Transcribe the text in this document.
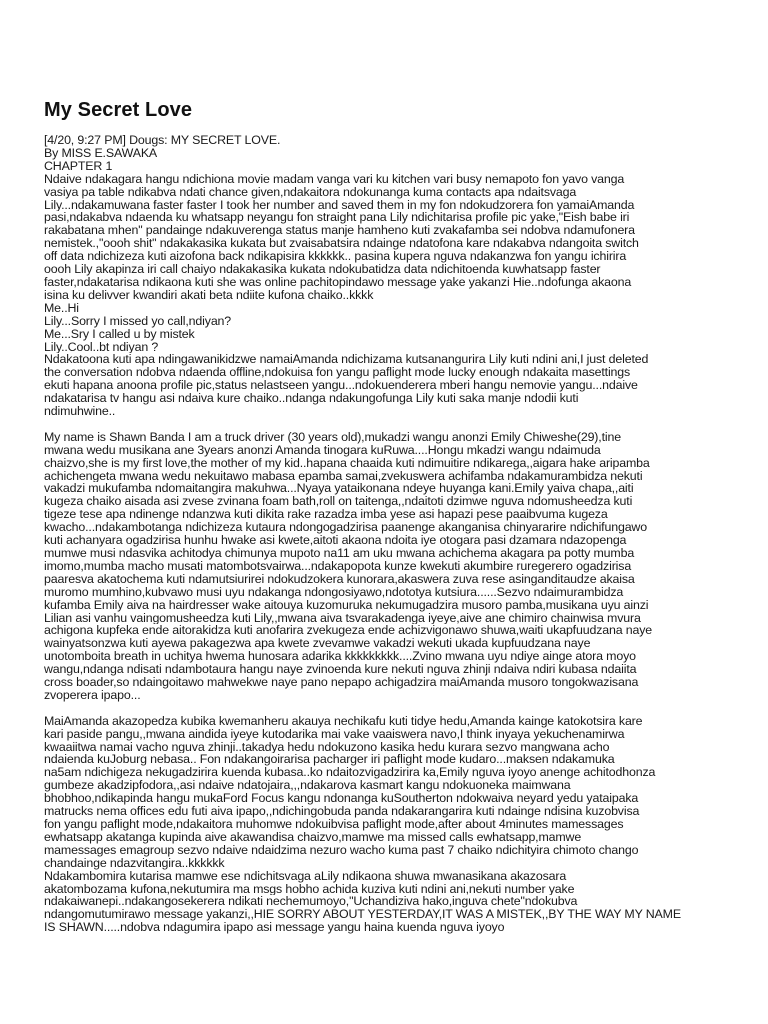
My Secret Love
[4/20, 9:27 PM] Dougs: MY SECRET LOVE.
By MISS E.SAWAKA
CHAPTER 1
Ndaive ndakagara hangu ndichiona movie madam vanga vari ku kitchen vari busy nemapoto fon yavo vanga
vasiya pa table ndikabva ndati chance given,ndakaitora ndokunanga kuma contacts apa ndaitsvaga
Lily...ndakamuwana faster faster I took her number and saved them in my fon ndokudzorera fon yamaiAmanda
pasi,ndakabva ndaenda ku whatsapp neyangu fon straight pana Lily ndichitarisa profile pic yake,"Eish babe iri
rakabatana mhen" pandainge ndakuverenga status manje hamheno kuti zvakafamba sei ndobva ndamufonera
nemistek.,"oooh shit" ndakakasika kukata but zvaisabatsira ndainge ndatofona kare ndakabva ndangoita switch
off data ndichizeza kuti aizofona back ndikapisira kkkkkk.. pasina kupera nguva ndakanzwa fon yangu ichirira
oooh Lily akapinza iri call chaiyo ndakakasika kukata ndokubatidza data ndichitoenda kuwhatsapp faster
faster,ndakatarisa ndikaona kuti she was online pachitopindawo message yake yakanzi Hie..ndofunga akaona
isina ku delivver kwandiri akati beta ndiite kufona chaiko..kkkk
Me..Hi
Lily...Sorry I missed yo call,ndiyan?
Me...Sry I called u by mistek
Lily..Cool..bt ndiyan ?
Ndakatoona kuti apa ndingawanikidzwe namaiAmanda ndichizama kutsanangurira Lily kuti ndini ani,I just deleted
the conversation ndobva ndaenda offline,ndokuisa fon yangu paflight mode lucky enough ndakaita masettings
ekuti hapana anoona profile pic,status nelastseen yangu...ndokuenderera mberi hangu nemovie yangu...ndaive
ndakatarisa tv hangu asi ndaiva kure chaiko..ndanga ndakungofunga Lily kuti saka manje ndodii kuti
ndimuhwine..
My name is Shawn Banda I am a truck driver (30 years old),mukadzi wangu anonzi Emily Chiweshe(29),tine
mwana wedu musikana ane 3years anonzi Amanda tinogara kuRuwa....Hongu mkadzi wangu ndaimuda
chaizvo,she is my first love,the mother of my kid..hapana chaaida kuti ndimuitire ndikarega,,aigara hake aripamba
achichengeta mwana wedu nekuitawo mabasa epamba samai,zvekuswera achifamba ndakamurambidza nekuti
vakadzi mukufamba ndomaitangira makuhwa...Nyaya yataikonana ndeye huyanga kani.Emily yaiva chapa,,aiti
kugeza chaiko aisada asi zvese zvinana foam bath,roll on taitenga,,ndaitoti dzimwe nguva ndomusheedza kuti
tigeze tese apa ndinenge ndanzwa kuti dikita rake razadza imba yese asi hapazi pese paaibvuma kugeza
kwacho...ndakambotanga ndichizeza kutaura ndongogadzirisa paanenge akanganisa chinyararire ndichifungawo
kuti achanyara ogadzirisa hunhu hwake asi kwete,aitoti akaona ndoita iye otogara pasi dzamara ndazopenga
mumwe musi ndasvika achitodya chimunya mupoto na11 am uku mwana achichema akagara pa potty mumba
imomo,mumba macho musati matombotsvairwa...ndakapopota kunze kwekuti akumbire ruregerero ogadzirisa
paaresva akatochema kuti ndamutsiurirei ndokudzokera kunorara,akaswera zuva rese asinganditaudze akaisa
muromo mumhino,kubvawo musi uyu ndakanga ndongosiyawo,ndototya kutsiura......Sezvo ndaimurambidza
kufamba Emily aiva na hairdresser wake aitouya kuzomuruka nekumugadzira musoro pamba,musikana uyu ainzi
Lilian asi vanhu vaingomusheedza kuti Lily,,mwana aiva tsvarakadenga iyeye,aive ane chimiro chainwisa mvura
achigona kupfeka ende aitorakidza kuti anofarira zvekugeza ende achizvigonawo shuwa,waiti ukapfuudzana naye
wainyatsonzwa kuti ayewa pakagezwa apa kwete zvevamwe vakadzi wekuti ukada kupfuudzana naye
unotomboita breath in uchitya hwema hunosara adarika kkkkkkkkk....Zvino mwana uyu ndiye ainge atora moyo
wangu,ndanga ndisati ndambotaura hangu naye zvinoenda kure nekuti nguva zhinji ndaiva ndiri kubasa ndaiita
cross boader,so ndaingoitawo mahwekwe naye pano nepapo achigadzira maiAmanda musoro tongokwazisana
zvoperera ipapo...
MaiAmanda akazopedza kubika kwemanheru akauya nechikafu kuti tidye hedu,Amanda kainge katokotsira kare
kari paside pangu,,mwana aindida iyeye kutodarika mai vake vaaiswera navo,I think inyaya yekuchenamirwa
kwaaiitwa namai vacho nguva zhinji..takadya hedu ndokuzono kasika hedu kurara sezvo mangwana acho
ndaienda kuJoburg nebasa.. Fon ndakangoirarisa pacharger iri paflight mode kudaro...maksen ndakamuka
na5am ndichigeza nekugadzirira kuenda kubasa..ko ndaitozvigadzirira ka,Emily nguva iyoyo anenge achitodhonza
gumbeze akadzipfodora,,asi ndaive ndatojaira,,,ndakarova kasmart kangu ndokuoneka maimwana
bhobhoo,ndikapinda hangu mukaFord Focus kangu ndonanga kuSoutherton ndokwaiva neyard yedu yataipaka
matrucks nema offices edu futi aiva ipapo,,ndichingobuda panda ndakarangarira kuti ndainge ndisina kuzobvisa
fon yangu paflight mode,ndakaitora muhomwe ndokuibvisa paflight mode,after about 4minutes mamessages
ewhatsapp akatanga kupinda aive akawandisa chaizvo,mamwe ma missed calls ewhatsapp,mamwe
mamessages emagroup sezvo ndaive ndaidzima nezuro wacho kuma past 7 chaiko ndichityira chimoto chango
chandainge ndazvitangira..kkkkkk
Ndakambomira kutarisa mamwe ese ndichitsvaga aLily ndikaona shuwa mwanasikana akazosara
akatombozama kufona,nekutumira ma msgs hobho achida kuziva kuti ndini ani,nekuti number yake
ndakaiwanepi..ndakangosekerera ndikati nechemumoyo,"Uchandiziva hako,inguva chete"ndokubva
ndangomutumirawo message yakanzi,,HIE SORRY ABOUT YESTERDAY,IT WAS A MISTEK,,BY THE WAY MY NAME
IS SHAWN.....ndobva ndagumira ipapo asi message yangu haina kuenda nguva iyoyo
